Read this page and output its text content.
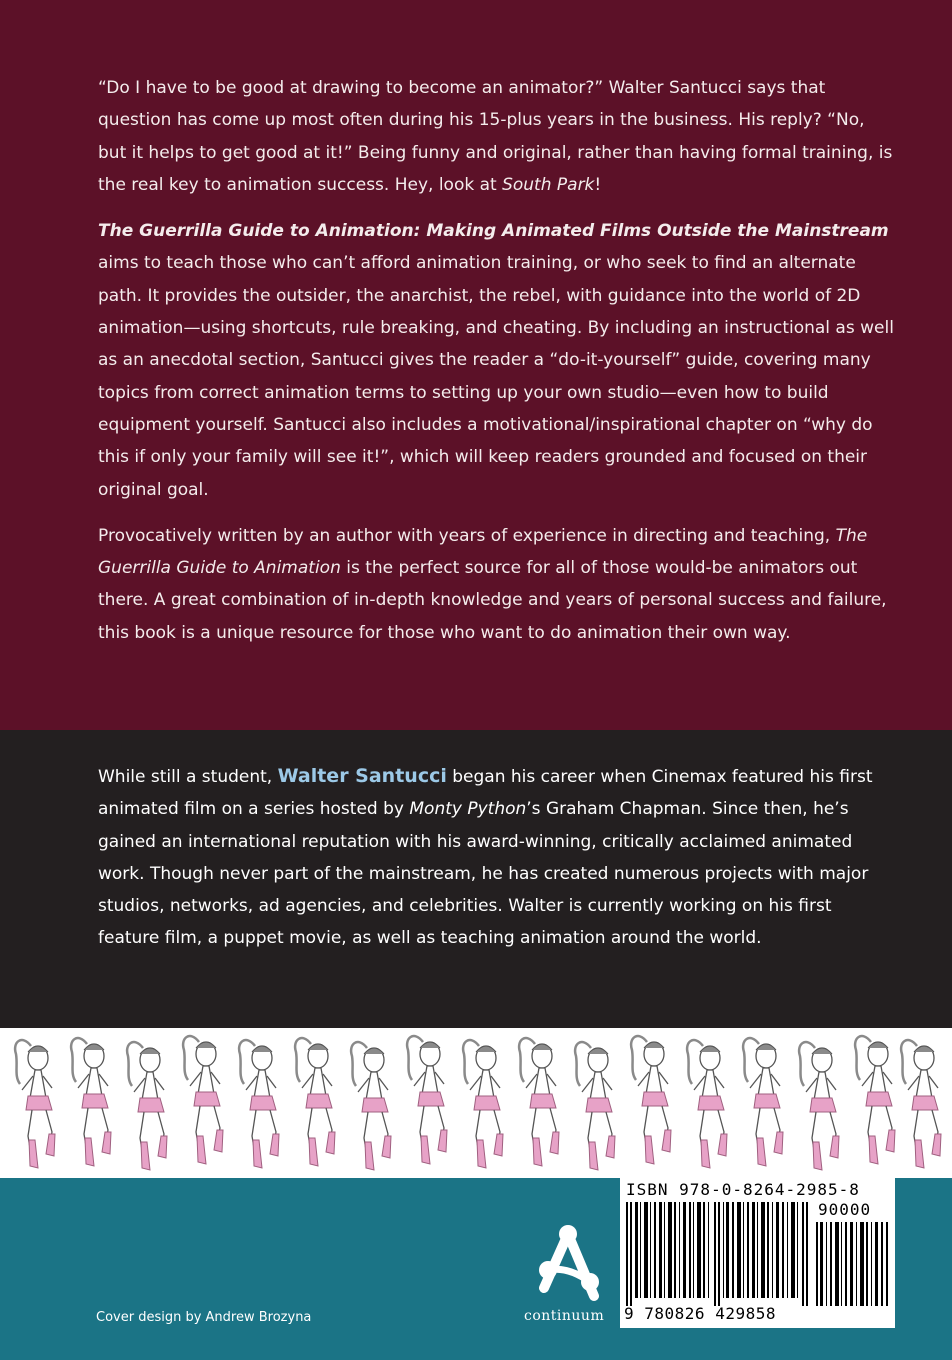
“Do I have to be good at drawing to become an animator?” Walter Santucci says that question has come up most often during his 15-plus years in the business. His reply? “No, but it helps to get good at it!” Being funny and original, rather than having formal training, is the real key to animation success. Hey, look at South Park!

The Guerrilla Guide to Animation: Making Animated Films Outside the Mainstream aims to teach those who can’t afford animation training, or who seek to find an alternate path. It provides the outsider, the anarchist, the rebel, with guidance into the world of 2D animation—using shortcuts, rule breaking, and cheating. By including an instructional as well as an anecdotal section, Santucci gives the reader a “do-it-yourself” guide, covering many topics from correct animation terms to setting up your own studio—even how to build equipment yourself. Santucci also includes a motivational/inspirational chapter on “why do this if only your family will see it!”, which will keep readers grounded and focused on their original goal.

Provocatively written by an author with years of experience in directing and teaching, The Guerrilla Guide to Animation is the perfect source for all of those would-be animators out there. A great combination of in-depth knowledge and years of personal success and failure, this book is a unique resource for those who want to do animation their own way.

While still a student, Walter Santucci began his career when Cinemax featured his first animated film on a series hosted by Monty Python’s Graham Chapman. Since then, he’s gained an international reputation with his award-winning, critically acclaimed animated work. Though never part of the mainstream, he has created numerous projects with major studios, networks, ad agencies, and celebrities. Walter is currently working on his first feature film, a puppet movie, as well as teaching animation around the world.

Cover design by Andrew Brozyna	continuum
ISBN 978-0-8264-2985-8
90000
9 780826 429858
